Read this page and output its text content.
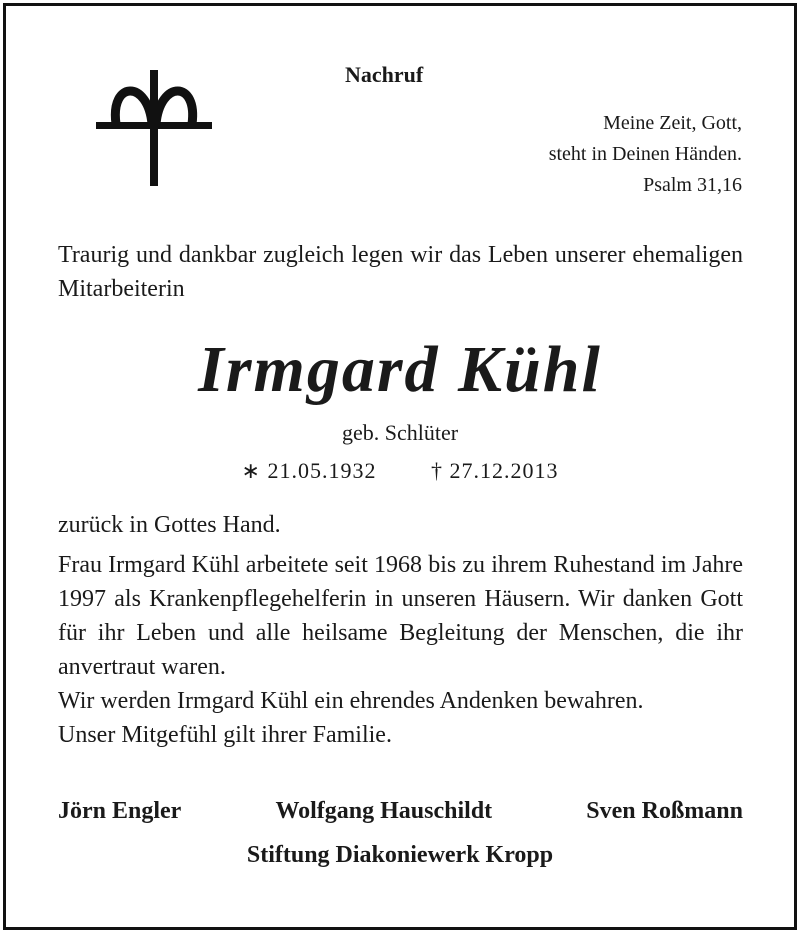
Nachruf
Meine Zeit, Gott,
steht in Deinen Händen.
Psalm 31,16
Traurig und dankbar zugleich legen wir das Leben unserer ehemaligen Mitarbeiterin
Irmgard Kühl
geb. Schlüter
∗ 21.05.1932 † 27.12.2013

zurück in Gottes Hand.

Frau Irmgard Kühl arbeitete seit 1968 bis zu ihrem Ruhestand im Jahre 1997 als Krankenpflegehelferin in unseren Häusern. Wir danken Gott für ihr Leben und alle heilsame Begleitung der Menschen, die ihr anvertraut waren.

Wir werden Irmgard Kühl ein ehrendes Andenken bewahren.

Unser Mitgefühl gilt ihrer Familie.

Jörn Engler	Wolfgang Hauschildt	Sven Roßmann
Stiftung Diakoniewerk Kropp
